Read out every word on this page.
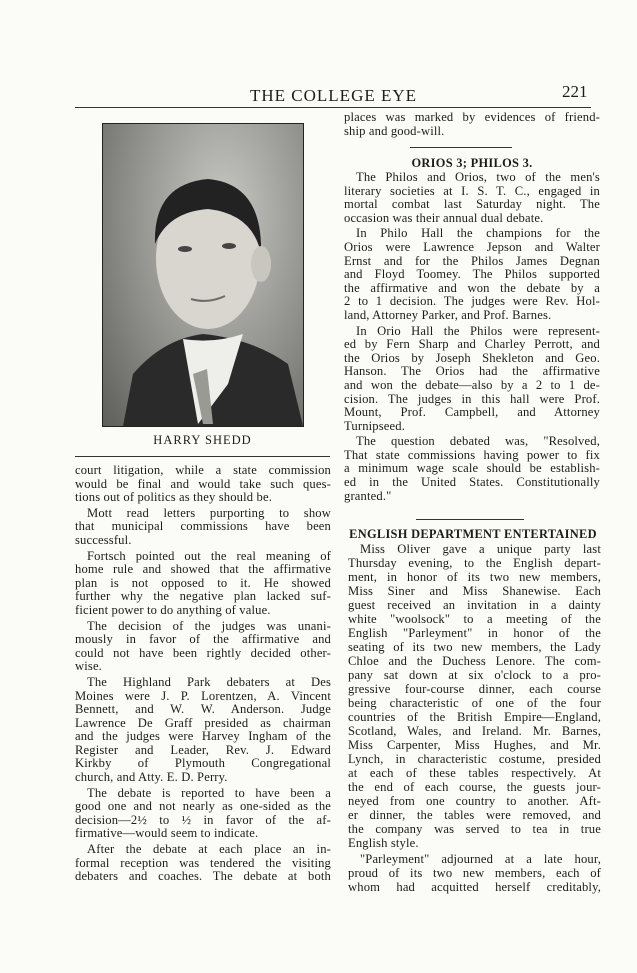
THE COLLEGE EYE	221
HARRY SHEDD
court litigation, while a state commission
would be final and would take such ques-
tions out of politics as they should be.
Mott read letters purporting to show
that municipal commissions have been
successful.
Fortsch pointed out the real meaning of
home rule and showed that the affirmative
plan is not opposed to it. He showed
further why the negative plan lacked suf-
ficient power to do anything of value.
The decision of the judges was unani-
mously in favor of the affirmative and
could not have been rightly decided other-
wise.
The Highland Park debaters at Des
Moines were J. P. Lorentzen, A. Vincent
Bennett, and W. W. Anderson. Judge
Lawrence De Graff presided as chairman
and the judges were Harvey Ingham of the
Register and Leader, Rev. J. Edward
Kirkby of Plymouth Congregational
church, and Atty. E. D. Perry.
The debate is reported to have been a
good one and not nearly as one-sided as the
decision—2½ to ½ in favor of the af-
firmative—would seem to indicate.
After the debate at each place an in-
formal reception was tendered the visiting
debaters and coaches. The debate at both
places was marked by evidences of friend-
ship and good-will.
ORIOS 3; PHILOS 3.
The Philos and Orios, two of the men's
literary societies at I. S. T. C., engaged in
mortal combat last Saturday night. The
occasion was their annual dual debate.
In Philo Hall the champions for the
Orios were Lawrence Jepson and Walter
Ernst and for the Philos James Degnan
and Floyd Toomey. The Philos supported
the affirmative and won the debate by a
2 to 1 decision. The judges were Rev. Hol-
land, Attorney Parker, and Prof. Barnes.
In Orio Hall the Philos were represent-
ed by Fern Sharp and Charley Perrott, and
the Orios by Joseph Shekleton and Geo.
Hanson. The Orios had the affirmative
and won the debate—also by a 2 to 1 de-
cision. The judges in this hall were Prof.
Mount, Prof. Campbell, and Attorney
Turnipseed.
The question debated was, "Resolved,
That state commissions having power to fix
a minimum wage scale should be establish-
ed in the United States. Constitutionally
granted."
ENGLISH DEPARTMENT ENTERTAINED
Miss Oliver gave a unique party last
Thursday evening, to the English depart-
ment, in honor of its two new members,
Miss Siner and Miss Shanewise. Each
guest received an invitation in a dainty
white "woolsock" to a meeting of the
English "Parleyment" in honor of the
seating of its two new members, the Lady
Chloe and the Duchess Lenore. The com-
pany sat down at six o'clock to a pro-
gressive four-course dinner, each course
being characteristic of one of the four
countries of the British Empire—England,
Scotland, Wales, and Ireland. Mr. Barnes,
Miss Carpenter, Miss Hughes, and Mr.
Lynch, in characteristic costume, presided
at each of these tables respectively. At
the end of each course, the guests jour-
neyed from one country to another. Aft-
er dinner, the tables were removed, and
the company was served to tea in true
English style.
"Parleyment" adjourned at a late hour,
proud of its two new members, each of
whom had acquitted herself creditably,
